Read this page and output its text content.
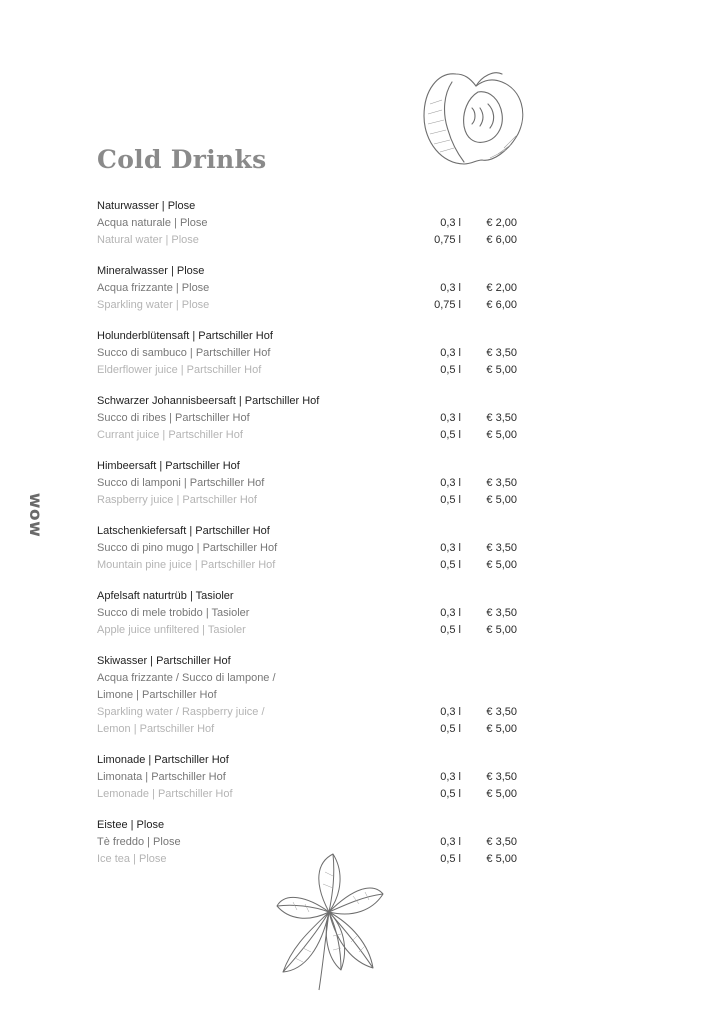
Cold Drinks
wow
Naturwasser | Plose
Acqua naturale | Plose	0,3 l	€ 2,00
Natural water | Plose	0,75 l	€ 6,00
Mineralwasser | Plose
Acqua frizzante | Plose	0,3 l	€ 2,00
Sparkling water | Plose	0,75 l	€ 6,00
Holunderblütensaft | Partschiller Hof
Succo di sambuco | Partschiller Hof	0,3 l	€ 3,50
Elderflower juice | Partschiller Hof	0,5 l	€ 5,00
Schwarzer Johannisbeersaft | Partschiller Hof
Succo di ribes | Partschiller Hof	0,3 l	€ 3,50
Currant juice | Partschiller Hof	0,5 l	€ 5,00
Himbeersaft | Partschiller Hof
Succo di lamponi | Partschiller Hof	0,3 l	€ 3,50
Raspberry juice | Partschiller Hof	0,5 l	€ 5,00
Latschenkiefersaft | Partschiller Hof
Succo di pino mugo | Partschiller Hof	0,3 l	€ 3,50
Mountain pine juice | Partschiller Hof	0,5 l	€ 5,00
Apfelsaft naturtrüb | Tasioler
Succo di mele trobido | Tasioler	0,3 l	€ 3,50
Apple juice unfiltered | Tasioler	0,5 l	€ 5,00
Skiwasser | Partschiller Hof
Acqua frizzante / Succo di lampone /
Limone | Partschiller Hof
Sparkling water / Raspberry juice /	0,3 l	€ 3,50
Lemon | Partschiller Hof	0,5 l	€ 5,00
Limonade | Partschiller Hof
Limonata | Partschiller Hof	0,3 l	€ 3,50
Lemonade | Partschiller Hof	0,5 l	€ 5,00
Eistee | Plose
Tè freddo | Plose	0,3 l	€ 3,50
Ice tea | Plose	0,5 l	€ 5,00
